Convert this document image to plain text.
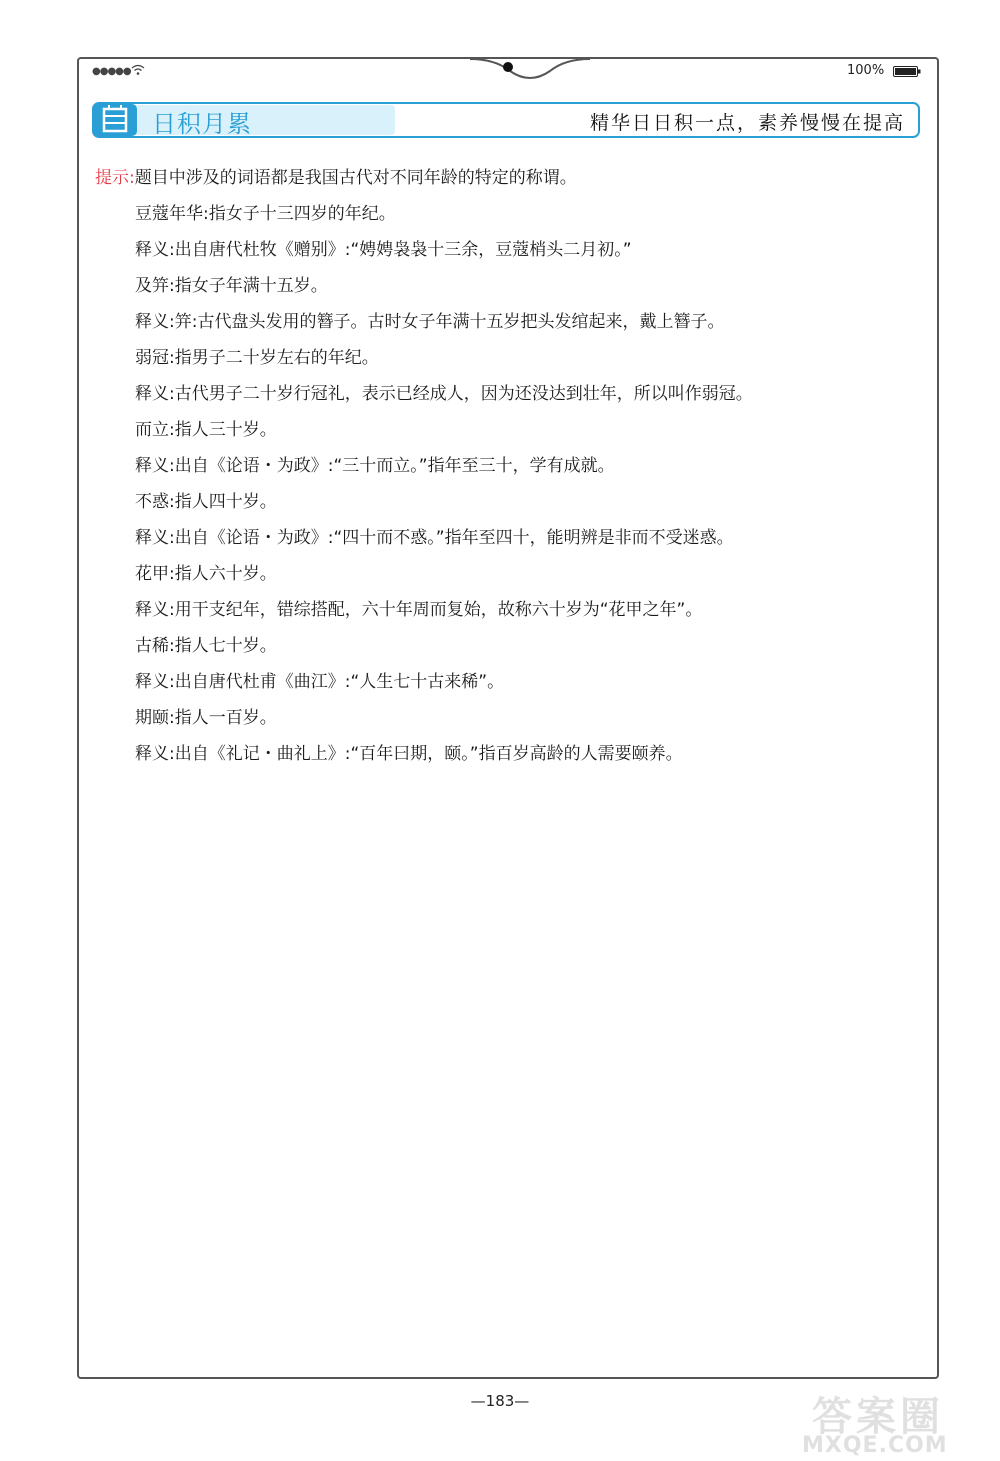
●●●●●	100%
日积月累	精华日日积一点，素养慢慢在提高

提示:题目中涉及的词语都是我国古代对不同年龄的特定的称谓。

豆蔻年华:指女子十三四岁的年纪。

释义:出自唐代杜牧《赠别》:“娉娉袅袅十三余，豆蔻梢头二月初。”

及笄:指女子年满十五岁。

释义:笄:古代盘头发用的簪子。古时女子年满十五岁把头发绾起来，戴上簪子。

弱冠:指男子二十岁左右的年纪。

释义:古代男子二十岁行冠礼，表示已经成人，因为还没达到壮年，所以叫作弱冠。

而立:指人三十岁。

释义:出自《论语・为政》:“三十而立。”指年至三十，学有成就。

不惑:指人四十岁。

释义:出自《论语・为政》:“四十而不惑。”指年至四十，能明辨是非而不受迷惑。

花甲:指人六十岁。

释义:用干支纪年，错综搭配，六十年周而复始，故称六十岁为“花甲之年”。

古稀:指人七十岁。

释义:出自唐代杜甫《曲江》:“人生七十古来稀”。

期颐:指人一百岁。

释义:出自《礼记・曲礼上》:“百年曰期，颐。”指百岁高龄的人需要颐养。

—183—	答案圈
MXQE.COM
